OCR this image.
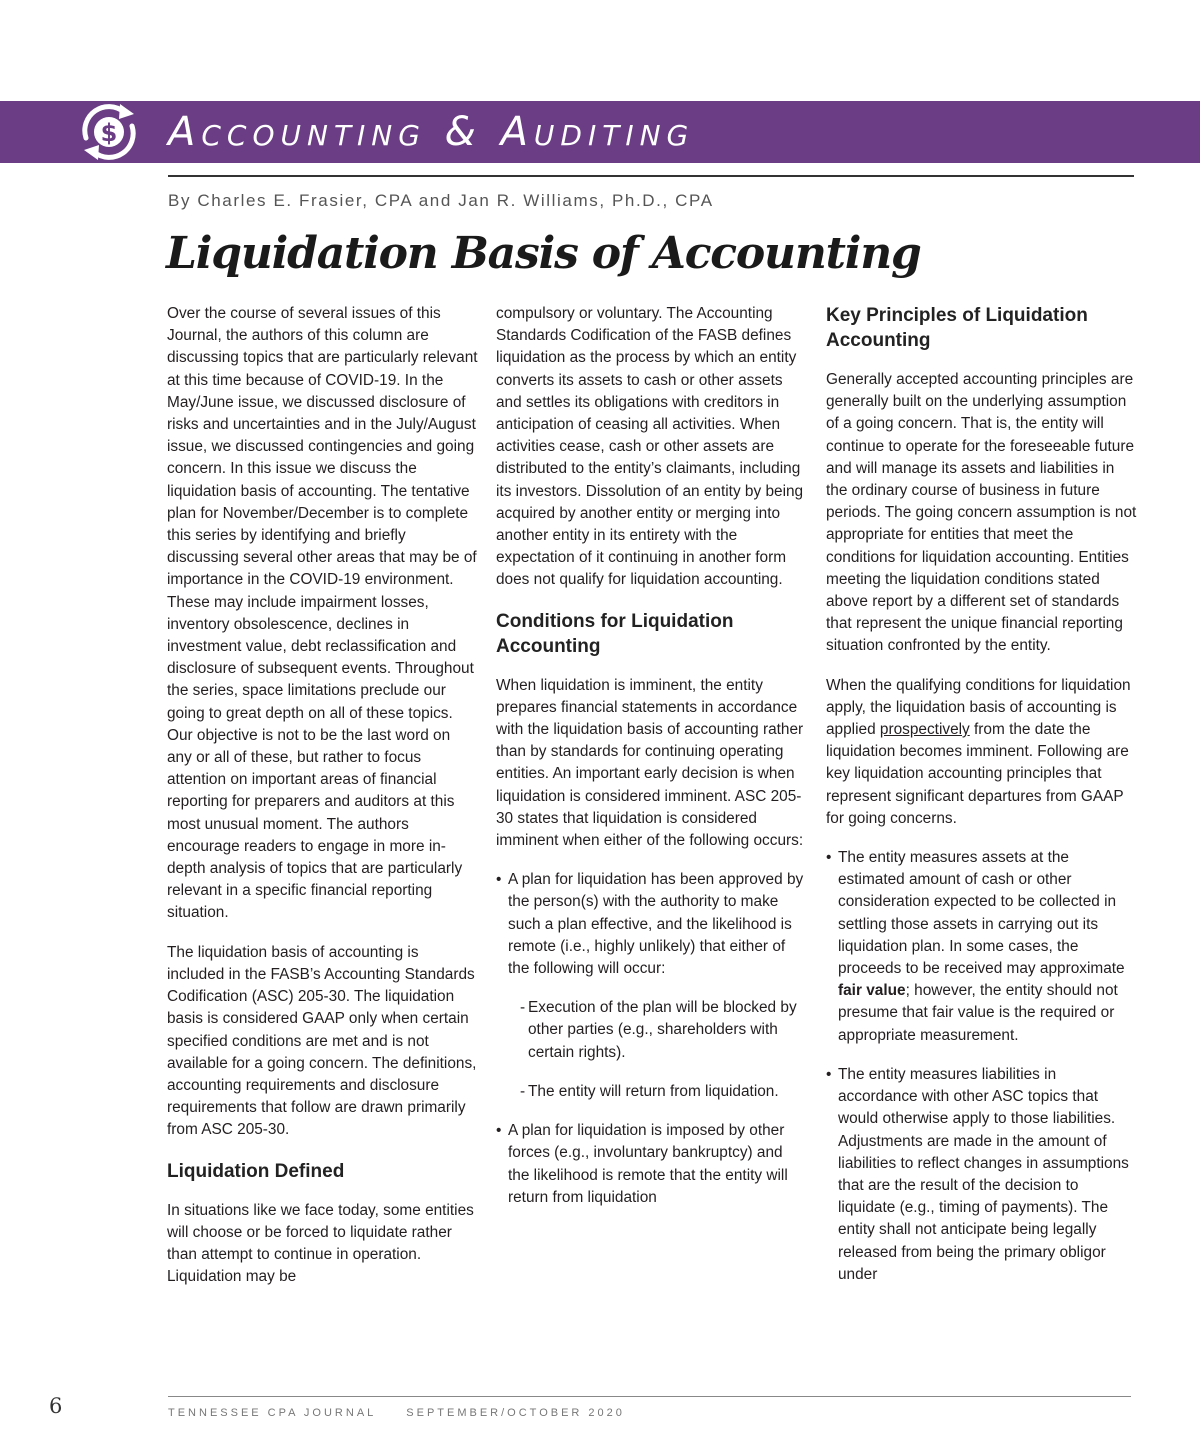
$ Accounting & Auditing
By Charles E. Frasier, CPA and Jan R. Williams, Ph.D., CPA
Liquidation Basis of Accounting

Over the course of several issues of this Journal, the authors of this column are discussing topics that are particularly relevant at this time because of COVID-19. In the May/June issue, we discussed disclosure of risks and uncertainties and in the July/August issue, we discussed contingencies and going concern. In this issue we discuss the liquidation basis of accounting. The tentative plan for November/December is to complete this series by identifying and briefly discussing several other areas that may be of importance in the COVID-19 environment. These may include impairment losses, inventory obsolescence, declines in investment value, debt reclassification and disclosure of subsequent events. Throughout the series, space limitations preclude our going to great depth on all of these topics. Our objective is not to be the last word on any or all of these, but rather to focus attention on important areas of financial reporting for preparers and auditors at this most unusual moment. The authors encourage readers to engage in more in-depth analysis of topics that are particularly relevant in a specific financial reporting situation.

The liquidation basis of accounting is included in the FASB’s Accounting Standards Codification (ASC) 205-30. The liquidation basis is considered GAAP only when certain specified conditions are met and is not available for a going concern. The definitions, accounting requirements and disclosure requirements that follow are drawn primarily from ASC 205-30.

Liquidation Defined

In situations like we face today, some entities will choose or be forced to liquidate rather than attempt to continue in operation. Liquidation may be

compulsory or voluntary. The Accounting Standards Codification of the FASB defines liquidation as the process by which an entity converts its assets to cash or other assets and settles its obligations with creditors in anticipation of ceasing all activities. When activities cease, cash or other assets are distributed to the entity’s claimants, including its investors. Dissolution of an entity by being acquired by another entity or merging into another entity in its entirety with the expectation of it continuing in another form does not qualify for liquidation accounting.

Conditions for Liquidation Accounting

When liquidation is imminent, the entity prepares financial statements in accordance with the liquidation basis of accounting rather than by standards for continuing operating entities. An important early decision is when liquidation is considered imminent. ASC 205-30 states that liquidation is considered imminent when either of the following occurs:

• A plan for liquidation has been approved by the person(s) with the authority to make such a plan effective, and the likelihood is remote (i.e., highly unlikely) that either of the following will occur:
- Execution of the plan will be blocked by other parties (e.g., shareholders with certain rights).
- The entity will return from liquidation.
• A plan for liquidation is imposed by other forces (e.g., involuntary bankruptcy) and the likelihood is remote that the entity will return from liquidation
Key Principles of Liquidation Accounting

Generally accepted accounting principles are generally built on the underlying assumption of a going concern. That is, the entity will continue to operate for the foreseeable future and will manage its assets and liabilities in the ordinary course of business in future periods. The going concern assumption is not appropriate for entities that meet the conditions for liquidation accounting. Entities meeting the liquidation conditions stated above report by a different set of standards that represent the unique financial reporting situation confronted by the entity.

When the qualifying conditions for liquidation apply, the liquidation basis of accounting is applied prospectively from the date the liquidation becomes imminent. Following are key liquidation accounting principles that represent significant departures from GAAP for going concerns.

• The entity measures assets at the estimated amount of cash or other consideration expected to be collected in settling those assets in carrying out its liquidation plan. In some cases, the proceeds to be received may approximate fair value; however, the entity should not presume that fair value is the required or appropriate measurement.
• The entity measures liabilities in accordance with other ASC topics that would otherwise apply to those liabilities. Adjustments are made in the amount of liabilities to reflect changes in assumptions that are the result of the decision to liquidate (e.g., timing of payments). The entity shall not anticipate being legally released from being the primary obligor under
6	TENNESSEE CPA JOURNAL	SEPTEMBER/OCTOBER 2020
